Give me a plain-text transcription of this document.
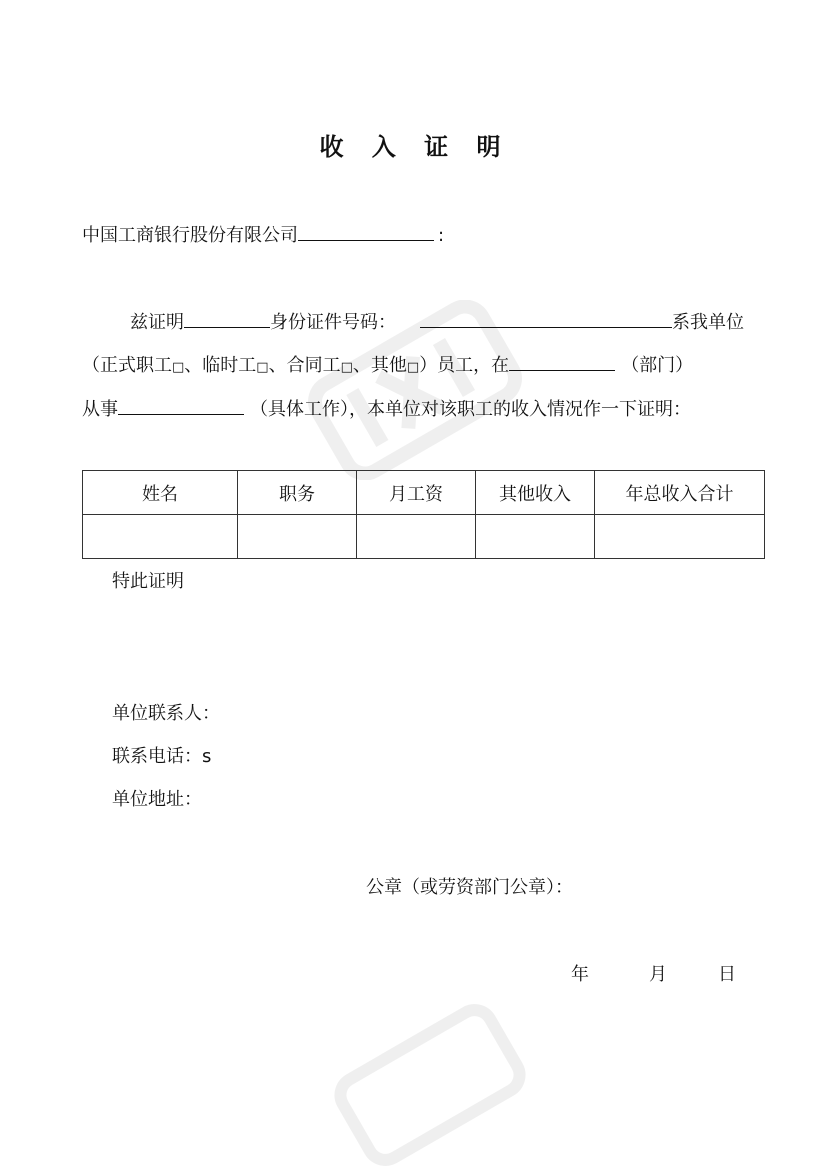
收 入 证 明
中国工商银行股份有限公司	:
兹证明	身份证件号码：	系我单位
（正式职工□、临时工□、合同工□、其他□）员工，在	（部门）
从事	（具体工作），本单位对该职工的收入情况作一下证明：
姓名	职务	月工资	其他收入	年总收入合计

特此证明
单位联系人：
联系电话：s
单位地址：
公章（或劳资部门公章）：
年	月	日
